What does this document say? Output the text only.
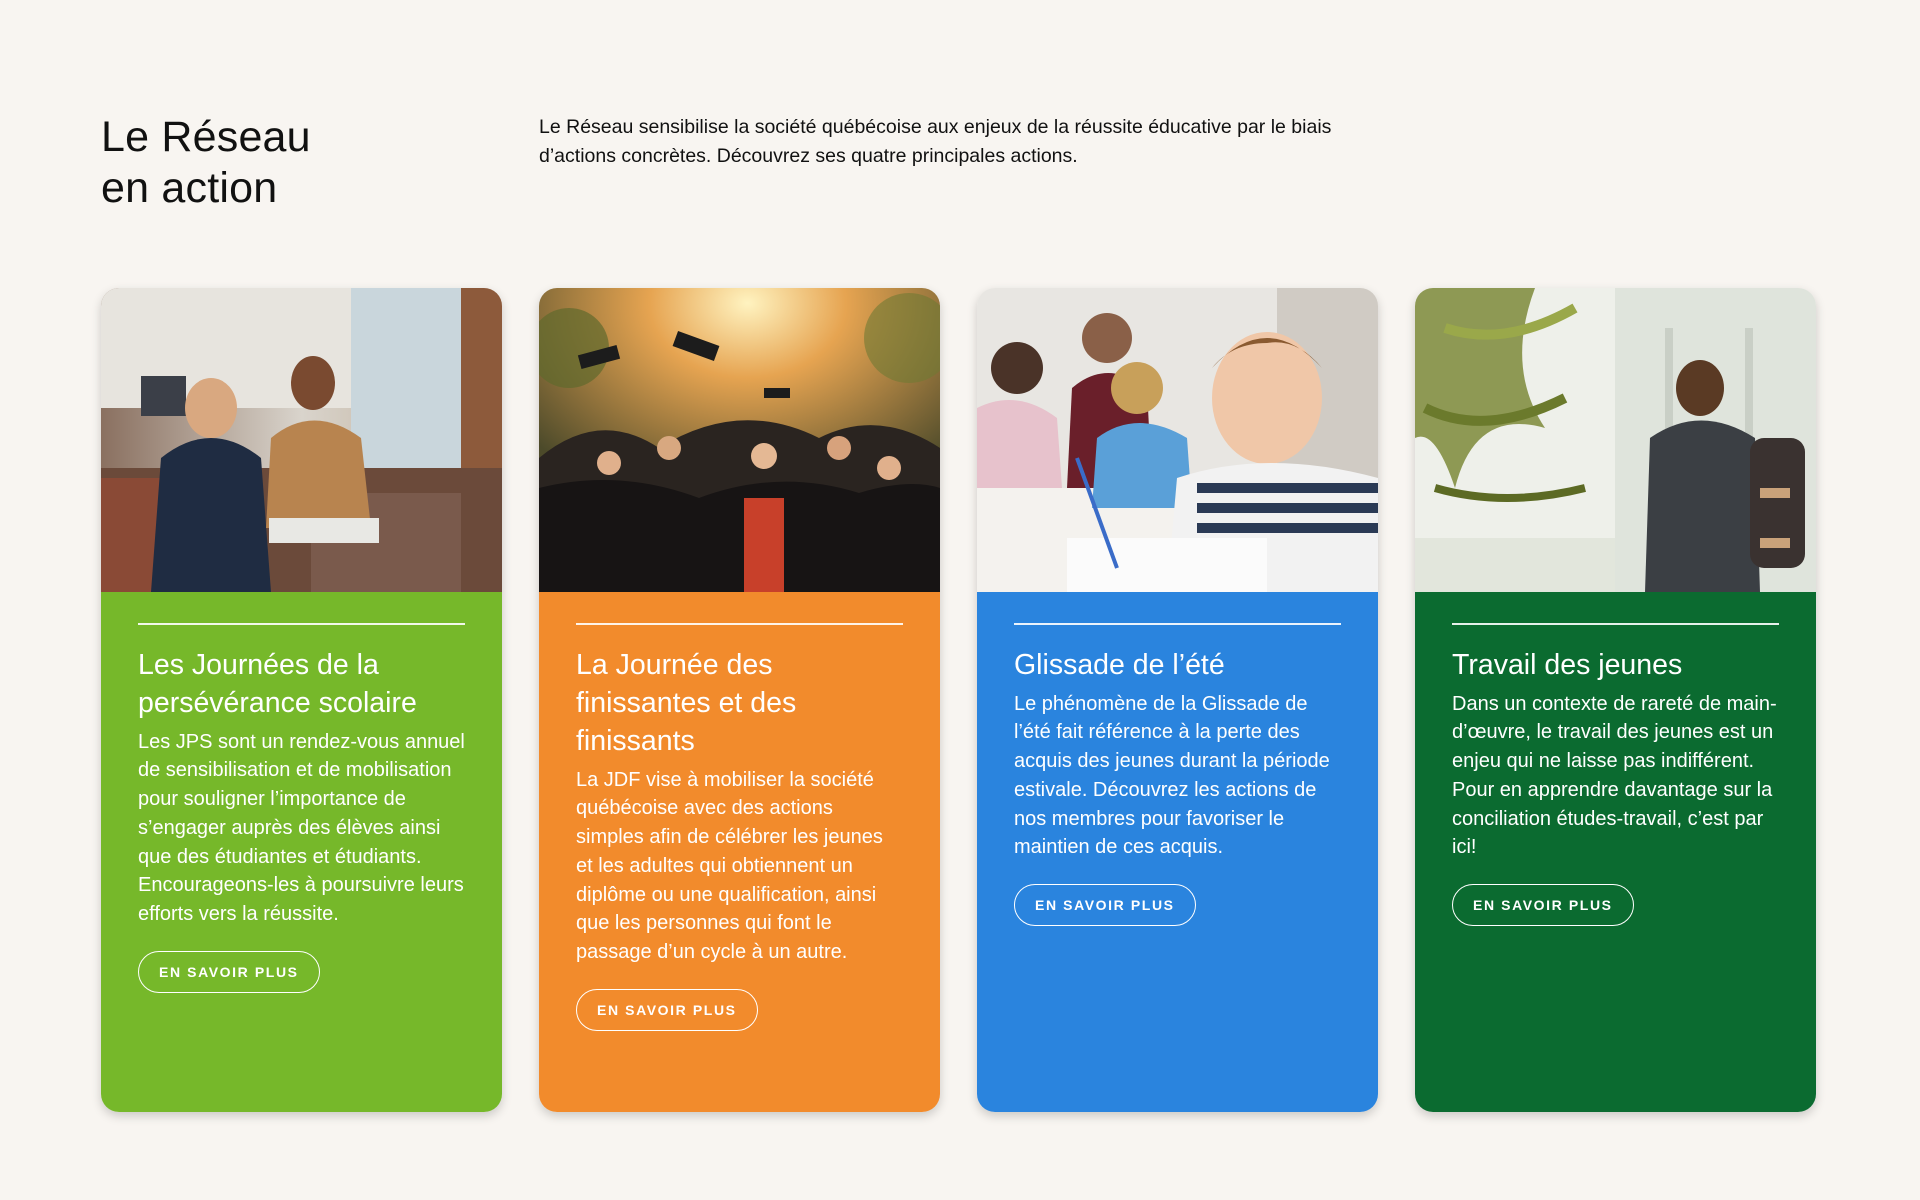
Le Réseau
en action

Le Réseau sensibilise la société québécoise aux enjeux de la réussite éducative par le biais d’actions concrètes. Découvrez ses quatre principales actions.

Les Journées de la persévérance scolaire

Les JPS sont un rendez-vous annuel de sensibilisation et de mobilisation pour souligner l’importance de s’engager auprès des élèves ainsi que des étudiantes et étudiants. Encourageons-les à poursuivre leurs efforts vers la réussite.

EN SAVOIR PLUS
La Journée des finissantes et des finissants

La JDF vise à mobiliser la société québécoise avec des actions simples afin de célébrer les jeunes et les adultes qui obtiennent un diplôme ou une qualification, ainsi que les personnes qui font le passage d’un cycle à un autre.

EN SAVOIR PLUS
Glissade de l’été

Le phénomène de la Glissade de l’été fait référence à la perte des acquis des jeunes durant la période estivale. Découvrez les actions de nos membres pour favoriser le maintien de ces acquis.

EN SAVOIR PLUS
Travail des jeunes

Dans un contexte de rareté de main-d’œuvre, le travail des jeunes est un enjeu qui ne laisse pas indifférent. Pour en apprendre davantage sur la conciliation études-travail, c’est par ici!

EN SAVOIR PLUS
